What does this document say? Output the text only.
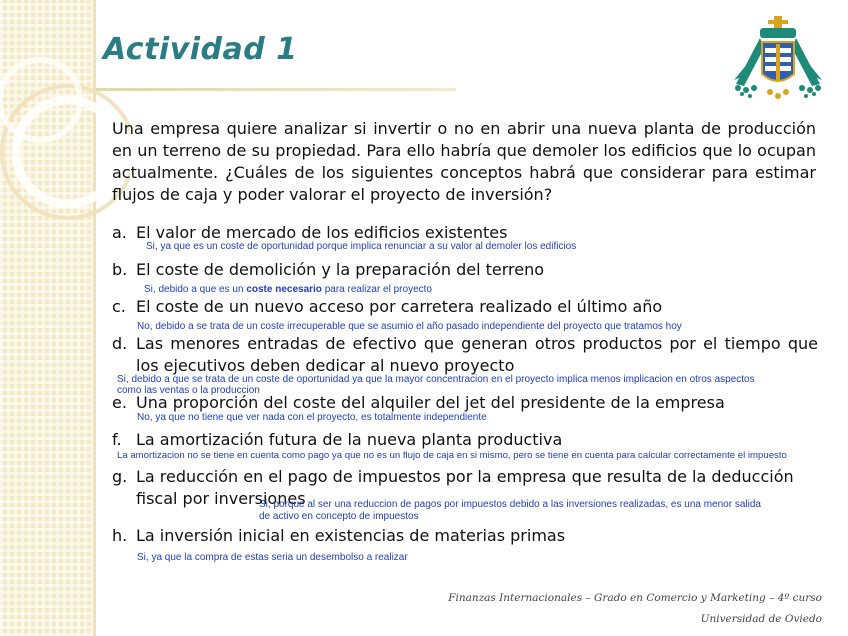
Actividad 1

Una empresa quiere analizar si invertir o no en abrir una nueva planta de producción en un terreno de su propiedad. Para ello habría que demoler los edificios que lo ocupan actualmente. ¿Cuáles de los siguientes conceptos habrá que considerar para estimar flujos de caja y poder valorar el proyecto de inversión?

a. El valor de mercado de los edificios existentes

Si, ya que es un coste de oportunidad porque implica renunciar a su valor al demoler los edificios

b. El coste de demolición y la preparación del terreno

Si, debido a que es un coste necesario para realizar el proyecto

c. El coste de un nuevo acceso por carretera realizado el último año

No, debido a se trata de un coste irrecuperable que se asumio el año pasado independiente del proyecto que tratamos hoy

d. Las menores entradas de efectivo que generan otros productos por el tiempo que los ejecutivos deben dedicar al nuevo proyecto

Si, debido a que se trata de un coste de oportunidad ya que la mayor concentracion en el proyecto implica menos implicacion en otros aspectos

como las ventas o la produccion

e. Una proporción del coste del alquiler del jet del presidente de la empresa

No, ya que no tiene que ver nada con el proyecto, es totalmente independiente

f. La amortización futura de la nueva planta productiva

La amortizacion no se tiene en cuenta como pago ya que no es un flujo de caja en si mismo, pero se tiene en cuenta para calcular correctamente el impuesto

g. La reducción en el pago de impuestos por la empresa que resulta de la deducción fiscal por inversiones

Si, porque al ser una reduccion de pagos por impuestos debido a las inversiones realizadas, es una menor salida

de activo en concepto de impuestos

h. La inversión inicial en existencias de materias primas

Si, ya que la compra de estas seria un desembolso a realizar

Finanzas Internacionales – Grado en Comercio y Marketing – 4º curso

Universidad de Oviedo
